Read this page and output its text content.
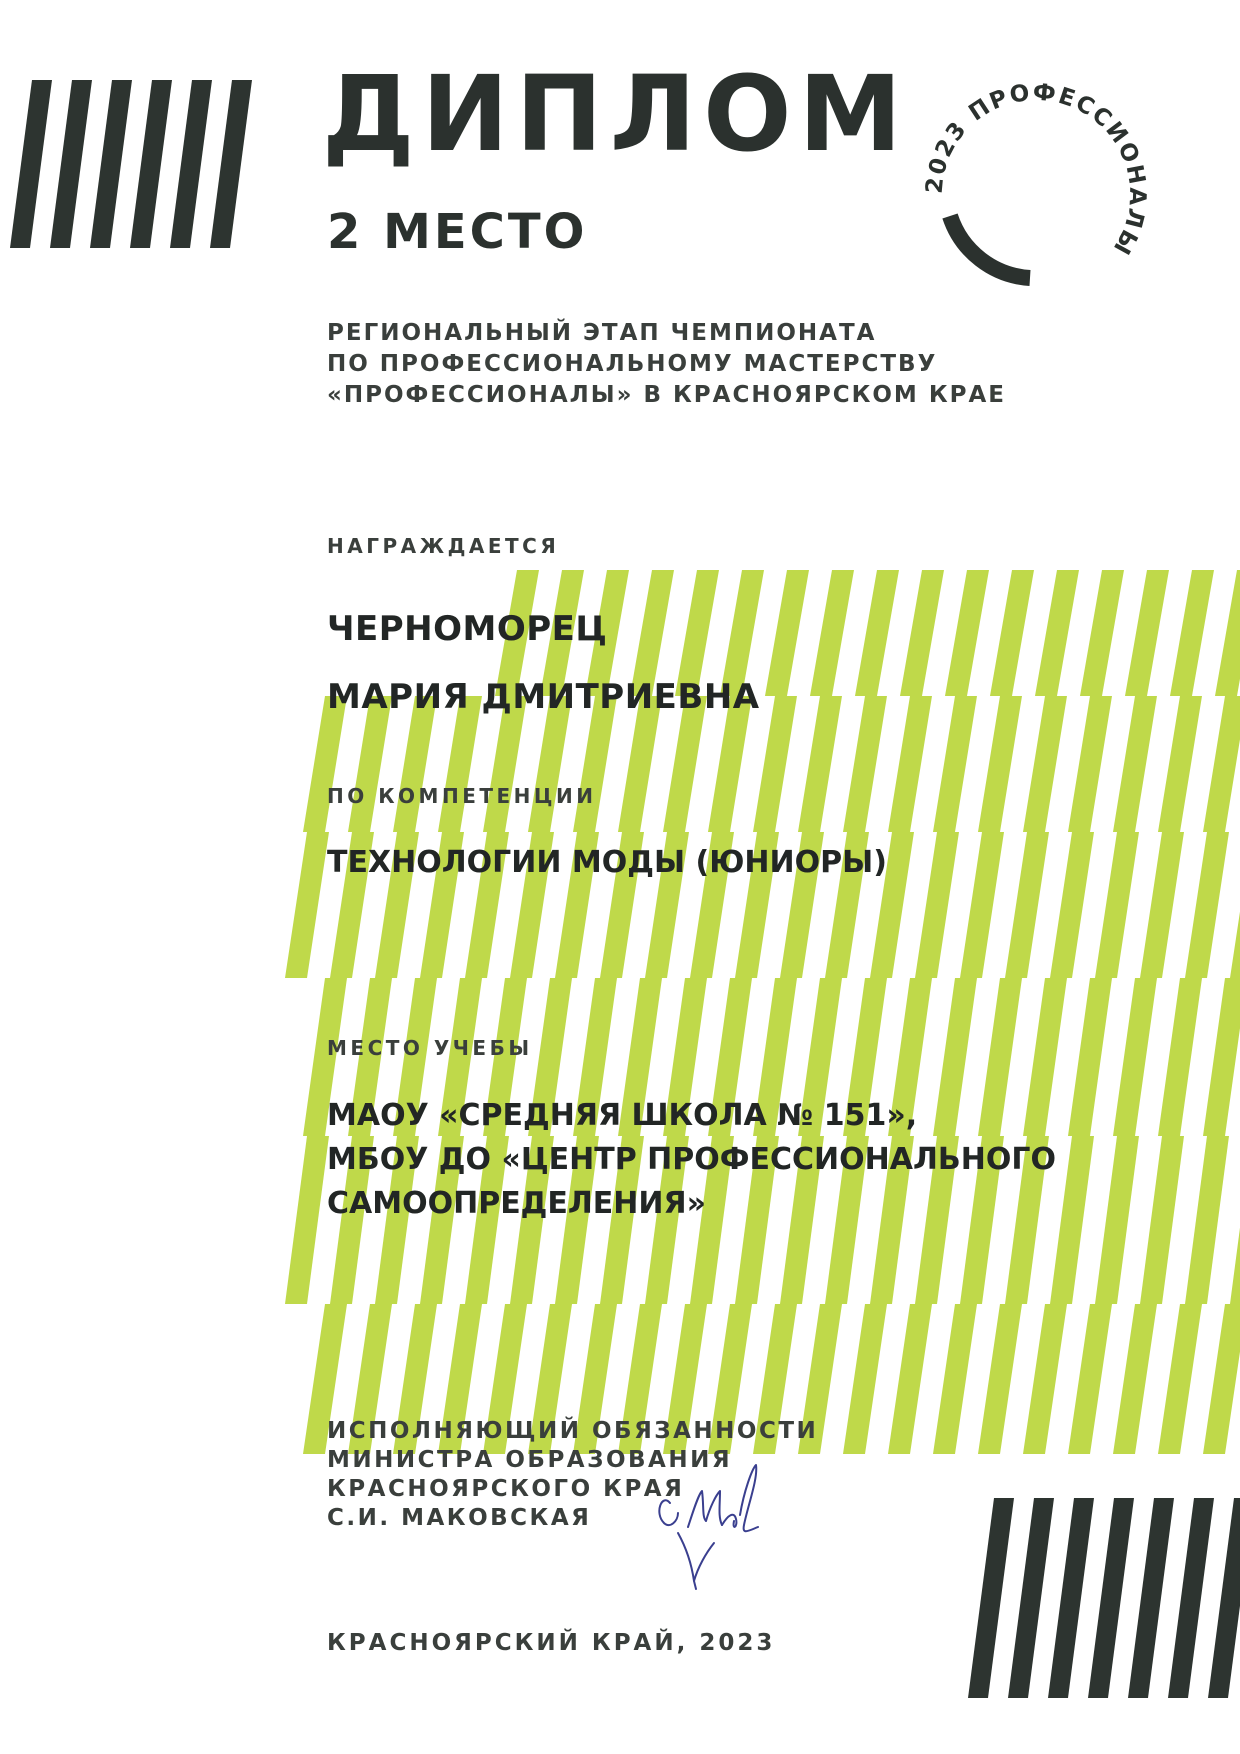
ДИПЛОМ
2 МЕСТО
РЕГИОНАЛЬНЫЙ ЭТАП ЧЕМПИОНАТА
ПО ПРОФЕССИОНАЛЬНОМУ МАСТЕРСТВУ
«ПРОФЕССИОНАЛЫ» В КРАСНОЯРСКОМ КРАЕ
НАГРАЖДАЕТСЯ
ЧЕРНОМОРЕЦ
МАРИЯ ДМИТРИЕВНА
ПО КОМПЕТЕНЦИИ
ТЕХНОЛОГИИ МОДЫ (ЮНИОРЫ)
МЕСТО УЧЕБЫ
МАОУ «СРЕДНЯЯ ШКОЛА № 151»,
МБОУ ДО «ЦЕНТР ПРОФЕССИОНАЛЬНОГО
САМООПРЕДЕЛЕНИЯ»
ИСПОЛНЯЮЩИЙ ОБЯЗАННОСТИ
МИНИСТРА ОБРАЗОВАНИЯ
КРАСНОЯРСКОГО КРАЯ
С.И. МАКОВСКАЯ
КРАСНОЯРСКИЙ КРАЙ, 2023
2023 ПРОФЕССИОНАЛЫ
